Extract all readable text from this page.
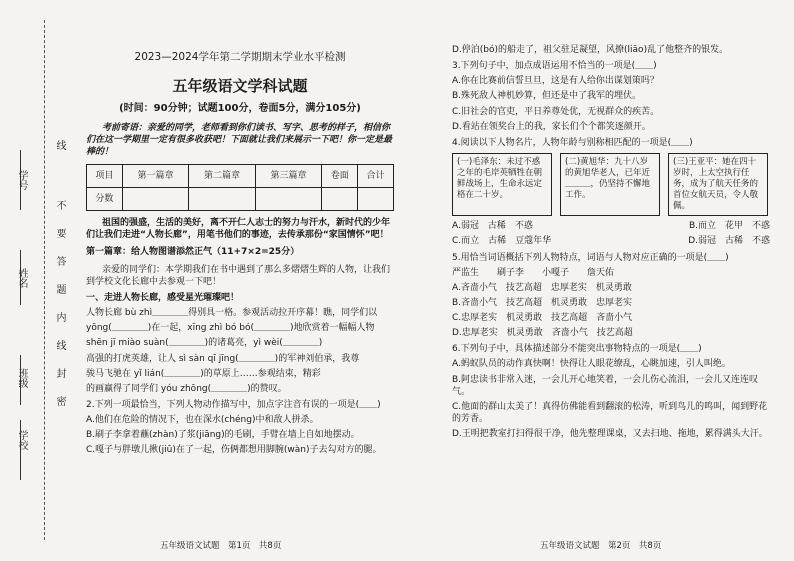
学号
姓名
班级
学校
线
不
要
答
题
内
线
封
密
2023—2024学年第二学期期末学业水平检测
五年级语文学科试题
(时间：90分钟；试题100分，卷面5分，满分105分)
考前寄语：亲爱的同学，老师看到你们读书、写字、思考的样子，相信你们在这一学期里一定有很多收获吧！下面就让我们来展示一下吧！你一定是最棒的！
项目	第一篇章	第二篇章	第三篇章	卷面	合计
分数					
祖国的强盛，生活的美好，离不开仁人志士的努力与汗水，新时代的少年们让我们走进“人物长廊”，用笔书他们的事迹，去传承那份“家国情怀”吧！
第一篇章：给人物图谱添然正气（11+7×2=25分）
亲爱的同学们：本学期我们在书中遇到了那么多熠熠生辉的人物，让我们到学校文化长廊中去参观一下吧！
一、走进人物长廊，感受星光璀璨吧！
人物长廊 bù zhì＿＿＿＿得别具一格。参观活动拉开序幕！瞧，同学们以
yōng(＿＿＿＿)在一起，xīng zhì bó bó(＿＿＿＿)地欣赏着一幅幅人物
shēn jī miào suàn(＿＿＿＿)的诸葛亮，yì wèi(＿＿＿＿)
高强的打虎英雄，让人 sì sàn qī jīng(＿＿＿＿)的军神刘伯承，我尊
骏马飞驰在 yǐ lián(＿＿＿＿)的草原上……参观结束，精彩
的画赢得了同学们 yóu zhōng(＿＿＿＿)的赞叹。
2.下列一项最恰当，下列人物动作描写中，加点字注音有误的一项是(＿＿)
A.他们在危险的情况下，也在深水(chéng)中和敌人拼杀。
B.刷子李拿着蘸(zhàn)了浆(jiāng)的毛刷，手臂在墙上自如地摆动。
C.嘎子与胖墩儿揪(jiū)在了一起，伤俩都想用脚腕(wàn)子去勾对方的腿。
五年级语文试题　第1页　共8页
D.停泊(bó)的船走了，祖父驻足凝望，风撩(liāo)乱了他整齐的银发。
3.下列句子中，加点成语运用不恰当的一项是(＿＿)
A.你在比赛前信誓旦旦，这是有人给你出谋划策吗？
B.殊死敌人神机妙算，但还是中了我军的埋伏。
C.旧社会的官吏，平日养尊处优，无视群众的疾苦。
D.看站在领奖台上的我，家长们个个都笑逐颜开。
4.阅读以下人物名片，人物年龄与别称相匹配的一项是(＿＿)
(一)毛泽东：未过不惑之年的毛岸英牺牲在朝鲜战场上，生命永远定格在二十岁。
(二)黄旭华：九十八岁的黄旭华老人，已年近＿＿＿，仍坚持不懈地工作。
(三)王亚平：她在四十岁时，上太空执行任务，成为了航天任务的首位女航天员，令人敬佩。
A.弱冠　古稀　不惑	B.而立　花甲　不惑
C.而立　古稀　豆蔻年华	D.弱冠　古稀　不惑
5.用恰当词语概括下列人物特点，词语与人物对应正确的一项是(＿＿)
严监生　　刷子李　　小嘎子　　詹天佑
A.吝啬小气　技艺高超　忠厚老实　机灵勇敢
B.吝啬小气　技艺高超　机灵勇敢　忠厚老实
C.忠厚老实　机灵勇敢　技艺高超　吝啬小气
D.忠厚老实　机灵勇敢　吝啬小气　技艺高超
6.下列句子中，具体描述部分不能突出事物特点的一项是(＿＿)
A.蚂蚁队员的动作真快啊！快得让人眼花缭乱，心眺加速，引人叫绝。
B.阿忠读书非常入迷，一会儿开心地笑着，一会儿伤心流泪，一会儿又连连叹气。
C.他面的群山太美了！真得仿佛能看到翻滚的松涛，听到鸟儿的鸣叫，闻到野花的芳香。
D.王明把教室打扫得很干净，他先整理课桌，又去扫地、拖地，累得满头大汗。
五年级语文试题　第2页　共8页
